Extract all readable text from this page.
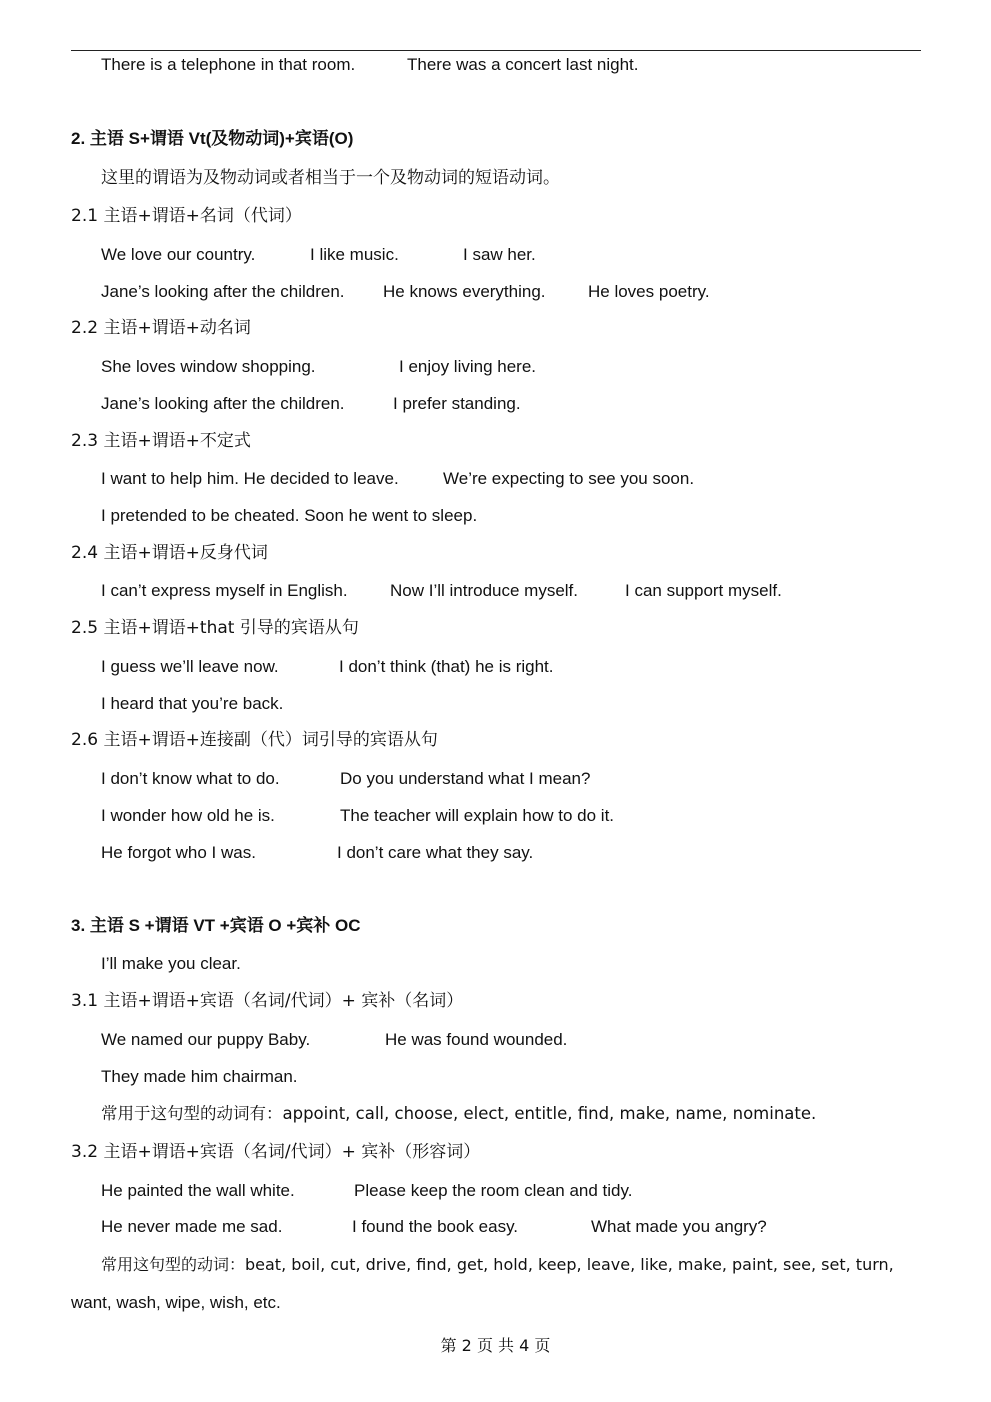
There is a telephone in that room.	There was a concert last night.
2. 主语 S+谓语 Vt(及物动词)+宾语(O)
这里的谓语为及物动词或者相当于一个及物动词的短语动词。
2.1 主语+谓语+名词（代词）
We love our country.	I like music.	I saw her.
Jane’s looking after the children. He knows everything. He loves poetry.
2.2 主语+谓语+动名词
She loves window shopping.	I enjoy living here.
Jane’s looking after the children.	I prefer standing.
2.3 主语+谓语+不定式
I want to help him. He decided to leave.	We’re expecting to see you soon.
I pretended to be cheated. Soon he went to sleep.
2.4 主语+谓语+反身代词
I can’t express myself in English. Now I’ll introduce myself.	I can support myself.
2.5 主语+谓语+that 引导的宾语从句
I guess we’ll leave now.	I don’t think (that) he is right.
I heard that you’re back.
2.6 主语+谓语+连接副（代）词引导的宾语从句
I don’t know what to do.	Do you understand what I mean?
I wonder how old he is.	The teacher will explain how to do it.
He forgot who I was.	I don’t care what they say.
3. 主语 S +谓语 VT +宾语 O +宾补 OC
I’ll make you clear.
3.1 主语+谓语+宾语（名词/代词）+ 宾补（名词）
We named our puppy Baby.	He was found wounded.
They made him chairman.
常用于这句型的动词有：appoint, call, choose, elect, entitle, find, make, name, nominate.
3.2 主语+谓语+宾语（名词/代词）+ 宾补（形容词）
He painted the wall white.	Please keep the room clean and tidy.
He never made me sad.	I found the book easy.	What made you angry?
常用这句型的动词：beat, boil, cut, drive, find, get, hold, keep, leave, like, make, paint, see, set, turn,
want, wash, wipe, wish, etc.
第 2 页 共 4 页
